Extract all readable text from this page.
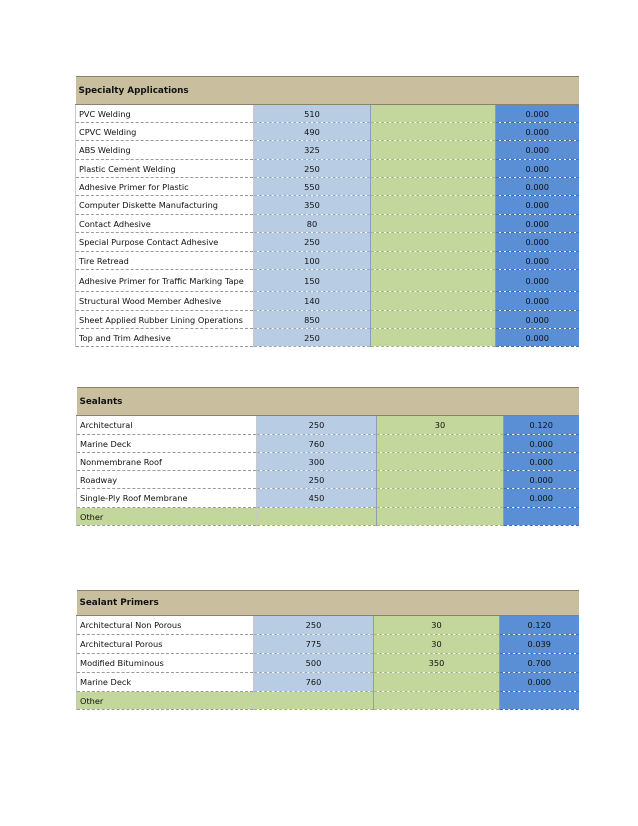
Specialty Applications			
PVC Welding	510		0.000
CPVC Welding	490		0.000
ABS Welding	325		0.000
Plastic Cement Welding	250		0.000
Adhesive Primer for Plastic	550		0.000
Computer Diskette Manufacturing	350		0.000
Contact Adhesive	80		0.000
Special Purpose Contact Adhesive	250		0.000
Tire Retread	100		0.000
Adhesive Primer for Traffic Marking Tape	150		0.000
Structural Wood Member Adhesive	140		0.000
Sheet Applied Rubber Lining Operations	850		0.000
Top and Trim Adhesive	250		0.000
Sealants			
Architectural	250	30	0.120
Marine Deck	760		0.000
Nonmembrane Roof	300		0.000
Roadway	250		0.000
Single-Ply Roof Membrane	450		0.000
Other			
Sealant Primers			
Architectural Non Porous	250	30	0.120
Architectural Porous	775	30	0.039
Modified Bituminous	500	350	0.700
Marine Deck	760		0.000
Other			
